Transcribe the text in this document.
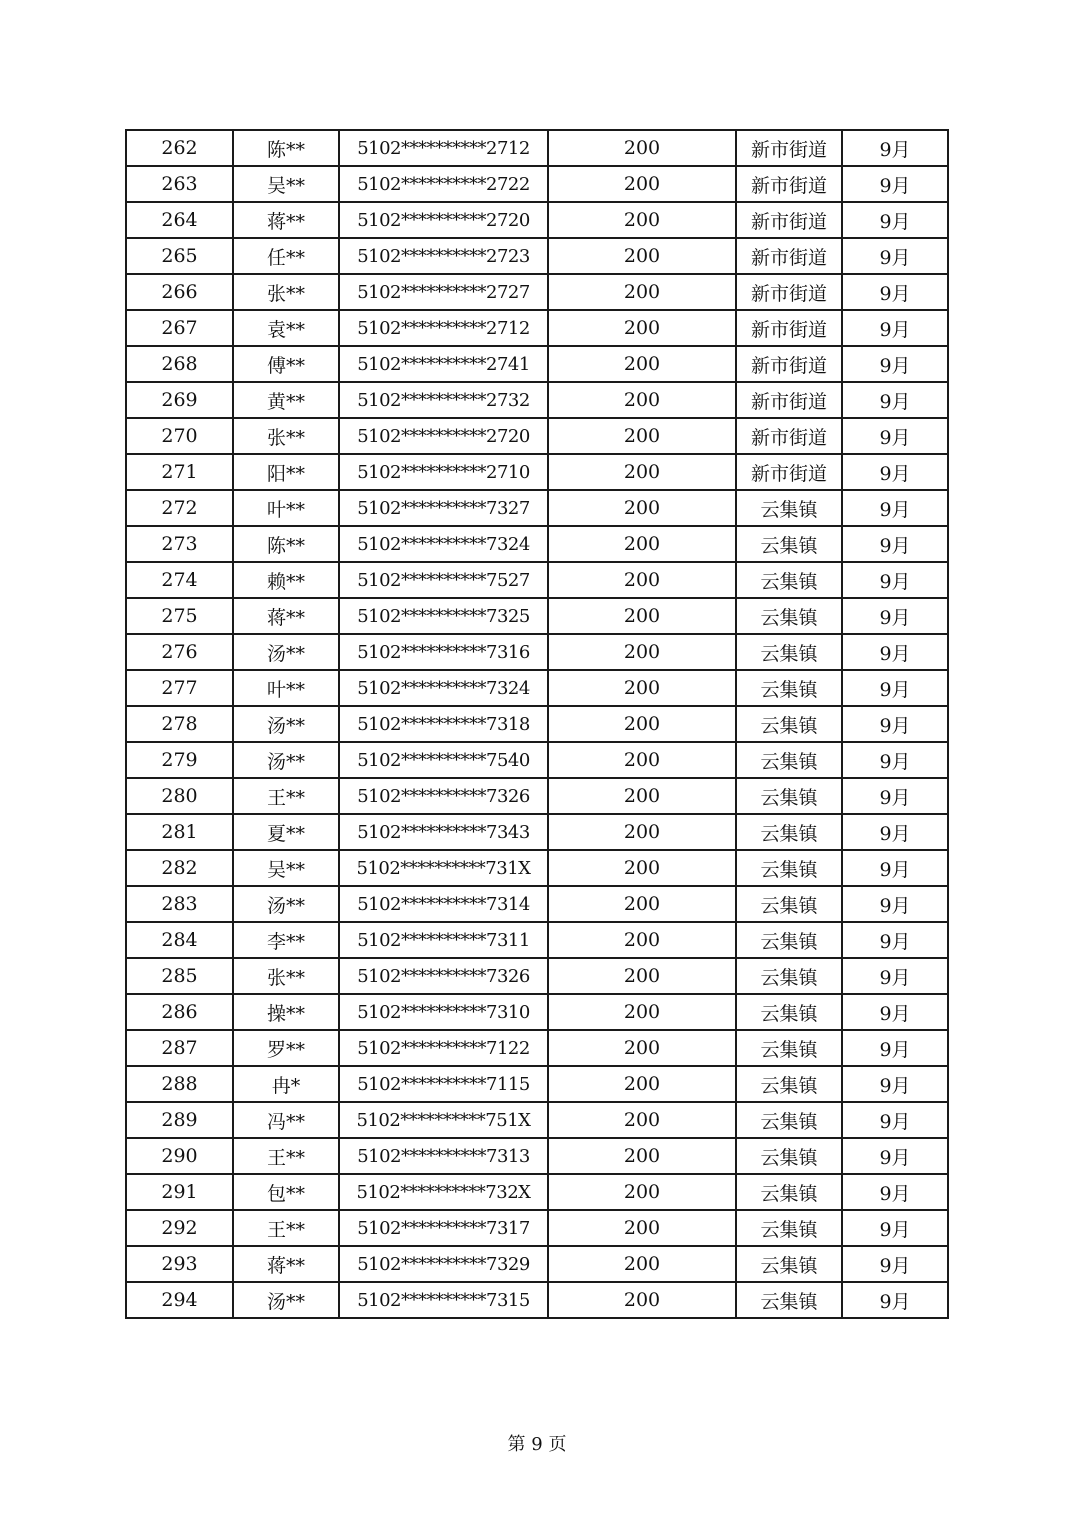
262	陈**	5102**********2712	200	新市街道	9月
263	吴**	5102**********2722	200	新市街道	9月
264	蒋**	5102**********2720	200	新市街道	9月
265	任**	5102**********2723	200	新市街道	9月
266	张**	5102**********2727	200	新市街道	9月
267	袁**	5102**********2712	200	新市街道	9月
268	傅**	5102**********2741	200	新市街道	9月
269	黄**	5102**********2732	200	新市街道	9月
270	张**	5102**********2720	200	新市街道	9月
271	阳**	5102**********2710	200	新市街道	9月
272	叶**	5102**********7327	200	云集镇	9月
273	陈**	5102**********7324	200	云集镇	9月
274	赖**	5102**********7527	200	云集镇	9月
275	蒋**	5102**********7325	200	云集镇	9月
276	汤**	5102**********7316	200	云集镇	9月
277	叶**	5102**********7324	200	云集镇	9月
278	汤**	5102**********7318	200	云集镇	9月
279	汤**	5102**********7540	200	云集镇	9月
280	王**	5102**********7326	200	云集镇	9月
281	夏**	5102**********7343	200	云集镇	9月
282	吴**	5102**********731X	200	云集镇	9月
283	汤**	5102**********7314	200	云集镇	9月
284	李**	5102**********7311	200	云集镇	9月
285	张**	5102**********7326	200	云集镇	9月
286	操**	5102**********7310	200	云集镇	9月
287	罗**	5102**********7122	200	云集镇	9月
288	冉*	5102**********7115	200	云集镇	9月
289	冯**	5102**********751X	200	云集镇	9月
290	王**	5102**********7313	200	云集镇	9月
291	包**	5102**********732X	200	云集镇	9月
292	王**	5102**********7317	200	云集镇	9月
293	蒋**	5102**********7329	200	云集镇	9月
294	汤**	5102**********7315	200	云集镇	9月
第 9 页
